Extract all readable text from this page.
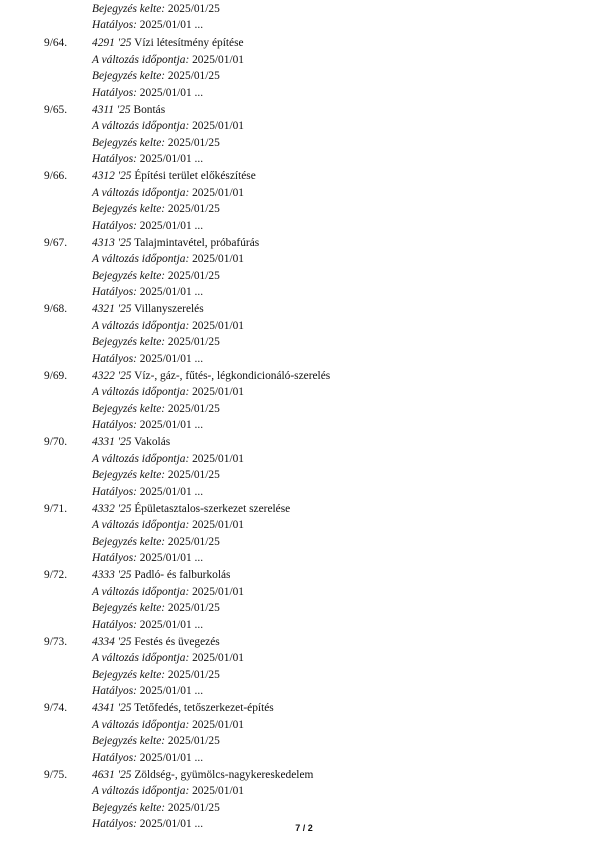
Bejegyzés kelte: 2025/01/25
Hatályos: 2025/01/01 ...
9/64. 4291 '25 Vízi létesítmény építése
A változás időpontja: 2025/01/01
Bejegyzés kelte: 2025/01/25
Hatályos: 2025/01/01 ...
9/65. 4311 '25 Bontás
A változás időpontja: 2025/01/01
Bejegyzés kelte: 2025/01/25
Hatályos: 2025/01/01 ...
9/66. 4312 '25 Építési terület előkészítése
A változás időpontja: 2025/01/01
Bejegyzés kelte: 2025/01/25
Hatályos: 2025/01/01 ...
9/67. 4313 '25 Talajmintavétel, próbafúrás
A változás időpontja: 2025/01/01
Bejegyzés kelte: 2025/01/25
Hatályos: 2025/01/01 ...
9/68. 4321 '25 Villanyszerelés
A változás időpontja: 2025/01/01
Bejegyzés kelte: 2025/01/25
Hatályos: 2025/01/01 ...
9/69. 4322 '25 Víz-, gáz-, fűtés-, légkondicionáló-szerelés
A változás időpontja: 2025/01/01
Bejegyzés kelte: 2025/01/25
Hatályos: 2025/01/01 ...
9/70. 4331 '25 Vakolás
A változás időpontja: 2025/01/01
Bejegyzés kelte: 2025/01/25
Hatályos: 2025/01/01 ...
9/71. 4332 '25 Épületasztalos-szerkezet szerelése
A változás időpontja: 2025/01/01
Bejegyzés kelte: 2025/01/25
Hatályos: 2025/01/01 ...
9/72. 4333 '25 Padló- és falburkolás
A változás időpontja: 2025/01/01
Bejegyzés kelte: 2025/01/25
Hatályos: 2025/01/01 ...
9/73. 4334 '25 Festés és üvegezés
A változás időpontja: 2025/01/01
Bejegyzés kelte: 2025/01/25
Hatályos: 2025/01/01 ...
9/74. 4341 '25 Tetőfedés, tetőszerkezet-építés
A változás időpontja: 2025/01/01
Bejegyzés kelte: 2025/01/25
Hatályos: 2025/01/01 ...
9/75. 4631 '25 Zöldség-, gyümölcs-nagykereskedelem
A változás időpontja: 2025/01/01
Bejegyzés kelte: 2025/01/25
Hatályos: 2025/01/01 ...	7 / 2
